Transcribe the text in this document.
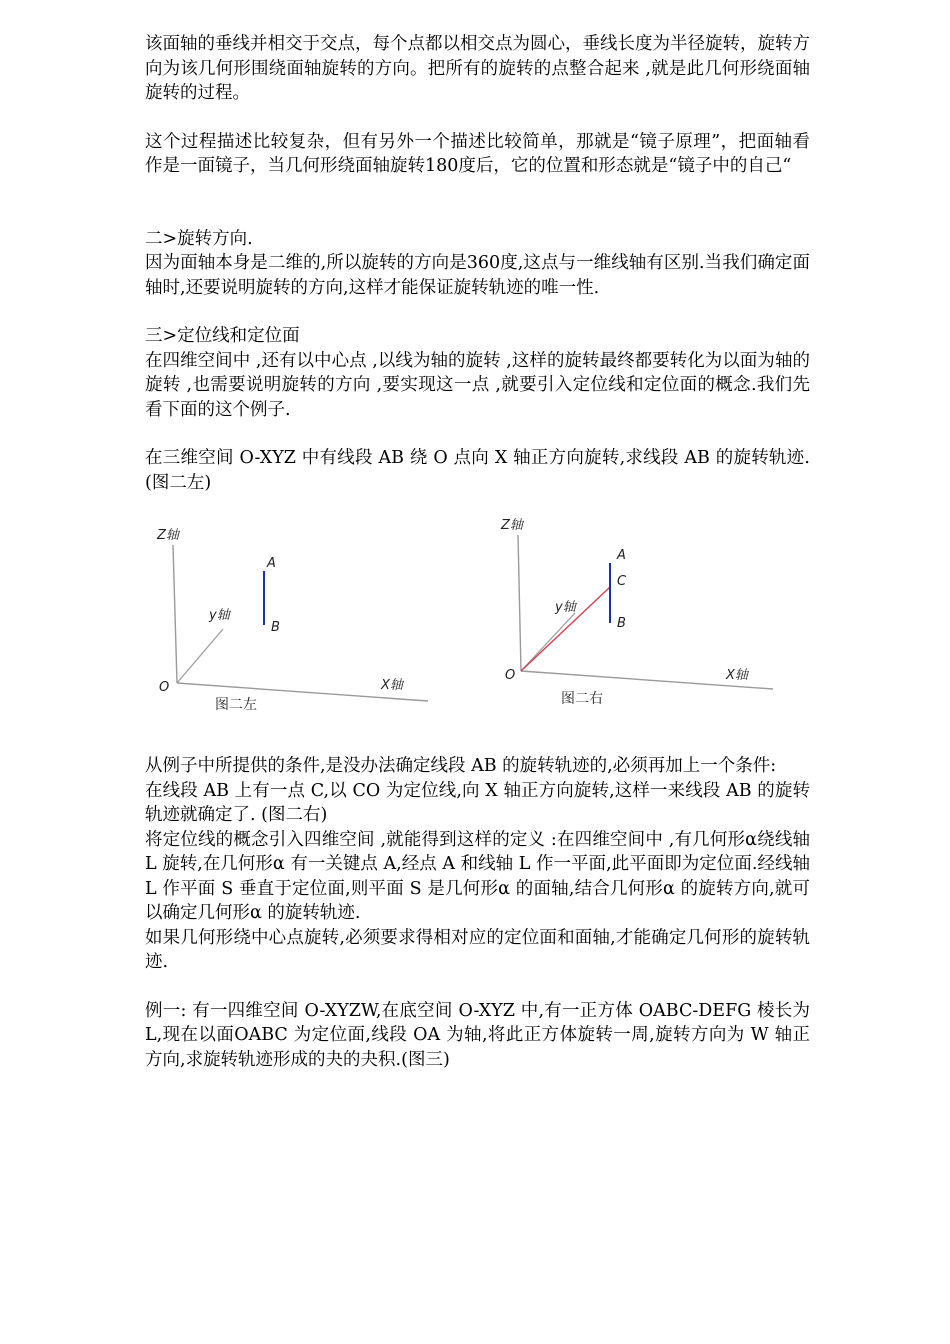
该面轴的垂线并相交于交点，每个点都以相交点为圆心，垂线长度为半径旋转，旋转方向为该几何形围绕面轴旋转的方向。把所有的旋转的点整合起来 ,就是此几何形绕面轴旋转的过程。

这个过程描述比较复杂，但有另外一个描述比较简单，那就是“镜子原理”，把面轴看作是一面镜子，当几何形绕面轴旋转180度后，它的位置和形态就是“镜子中的自己“

二>旋转方向.

因为面轴本身是二维的,所以旋转的方向是360度,这点与一维线轴有区别.当我们确定面轴时,还要说明旋转的方向,这样才能保证旋转轨迹的唯一性.

三>定位线和定位面

在四维空间中 ,还有以中心点 ,以线为轴的旋转 ,这样的旋转最终都要转化为以面为轴的旋转 ,也需要说明旋转的方向 ,要实现这一点 ,就要引入定位线和定位面的概念.我们先看下面的这个例子.

在三维空间 O-XYZ 中有线段 AB 绕 O 点向 X 轴正方向旋转,求线段 AB 的旋转轨迹.(图二左)

Z轴
y轴
X轴
O
A
B
图二左
Z轴
y轴
X轴
O
A
C
B
图二右

从例子中所提供的条件,是没办法确定线段 AB 的旋转轨迹的,必须再加上一个条件:

在线段 AB 上有一点 C,以 CO 为定位线,向 X 轴正方向旋转,这样一来线段 AB 的旋转轨迹就确定了. (图二右)

将定位线的概念引入四维空间 ,就能得到这样的定义 :在四维空间中 ,有几何形α绕线轴 L 旋转,在几何形α 有一关键点 A,经点 A 和线轴 L 作一平面,此平面即为定位面.经线轴 L 作平面 S 垂直于定位面,则平面 S 是几何形α 的面轴,结合几何形α 的旋转方向,就可以确定几何形α 的旋转轨迹.

如果几何形绕中心点旋转,必须要求得相对应的定位面和面轴,才能确定几何形的旋转轨迹.

例一: 有一四维空间 O-XYZW,在底空间 O-XYZ 中,有一正方体 OABC-DEFG 棱长为L,现在以面OABC 为定位面,线段 OA 为轴,将此正方体旋转一周,旋转方向为 W 轴正方向,求旋转轨迹形成的夬的夬积.(图三)
